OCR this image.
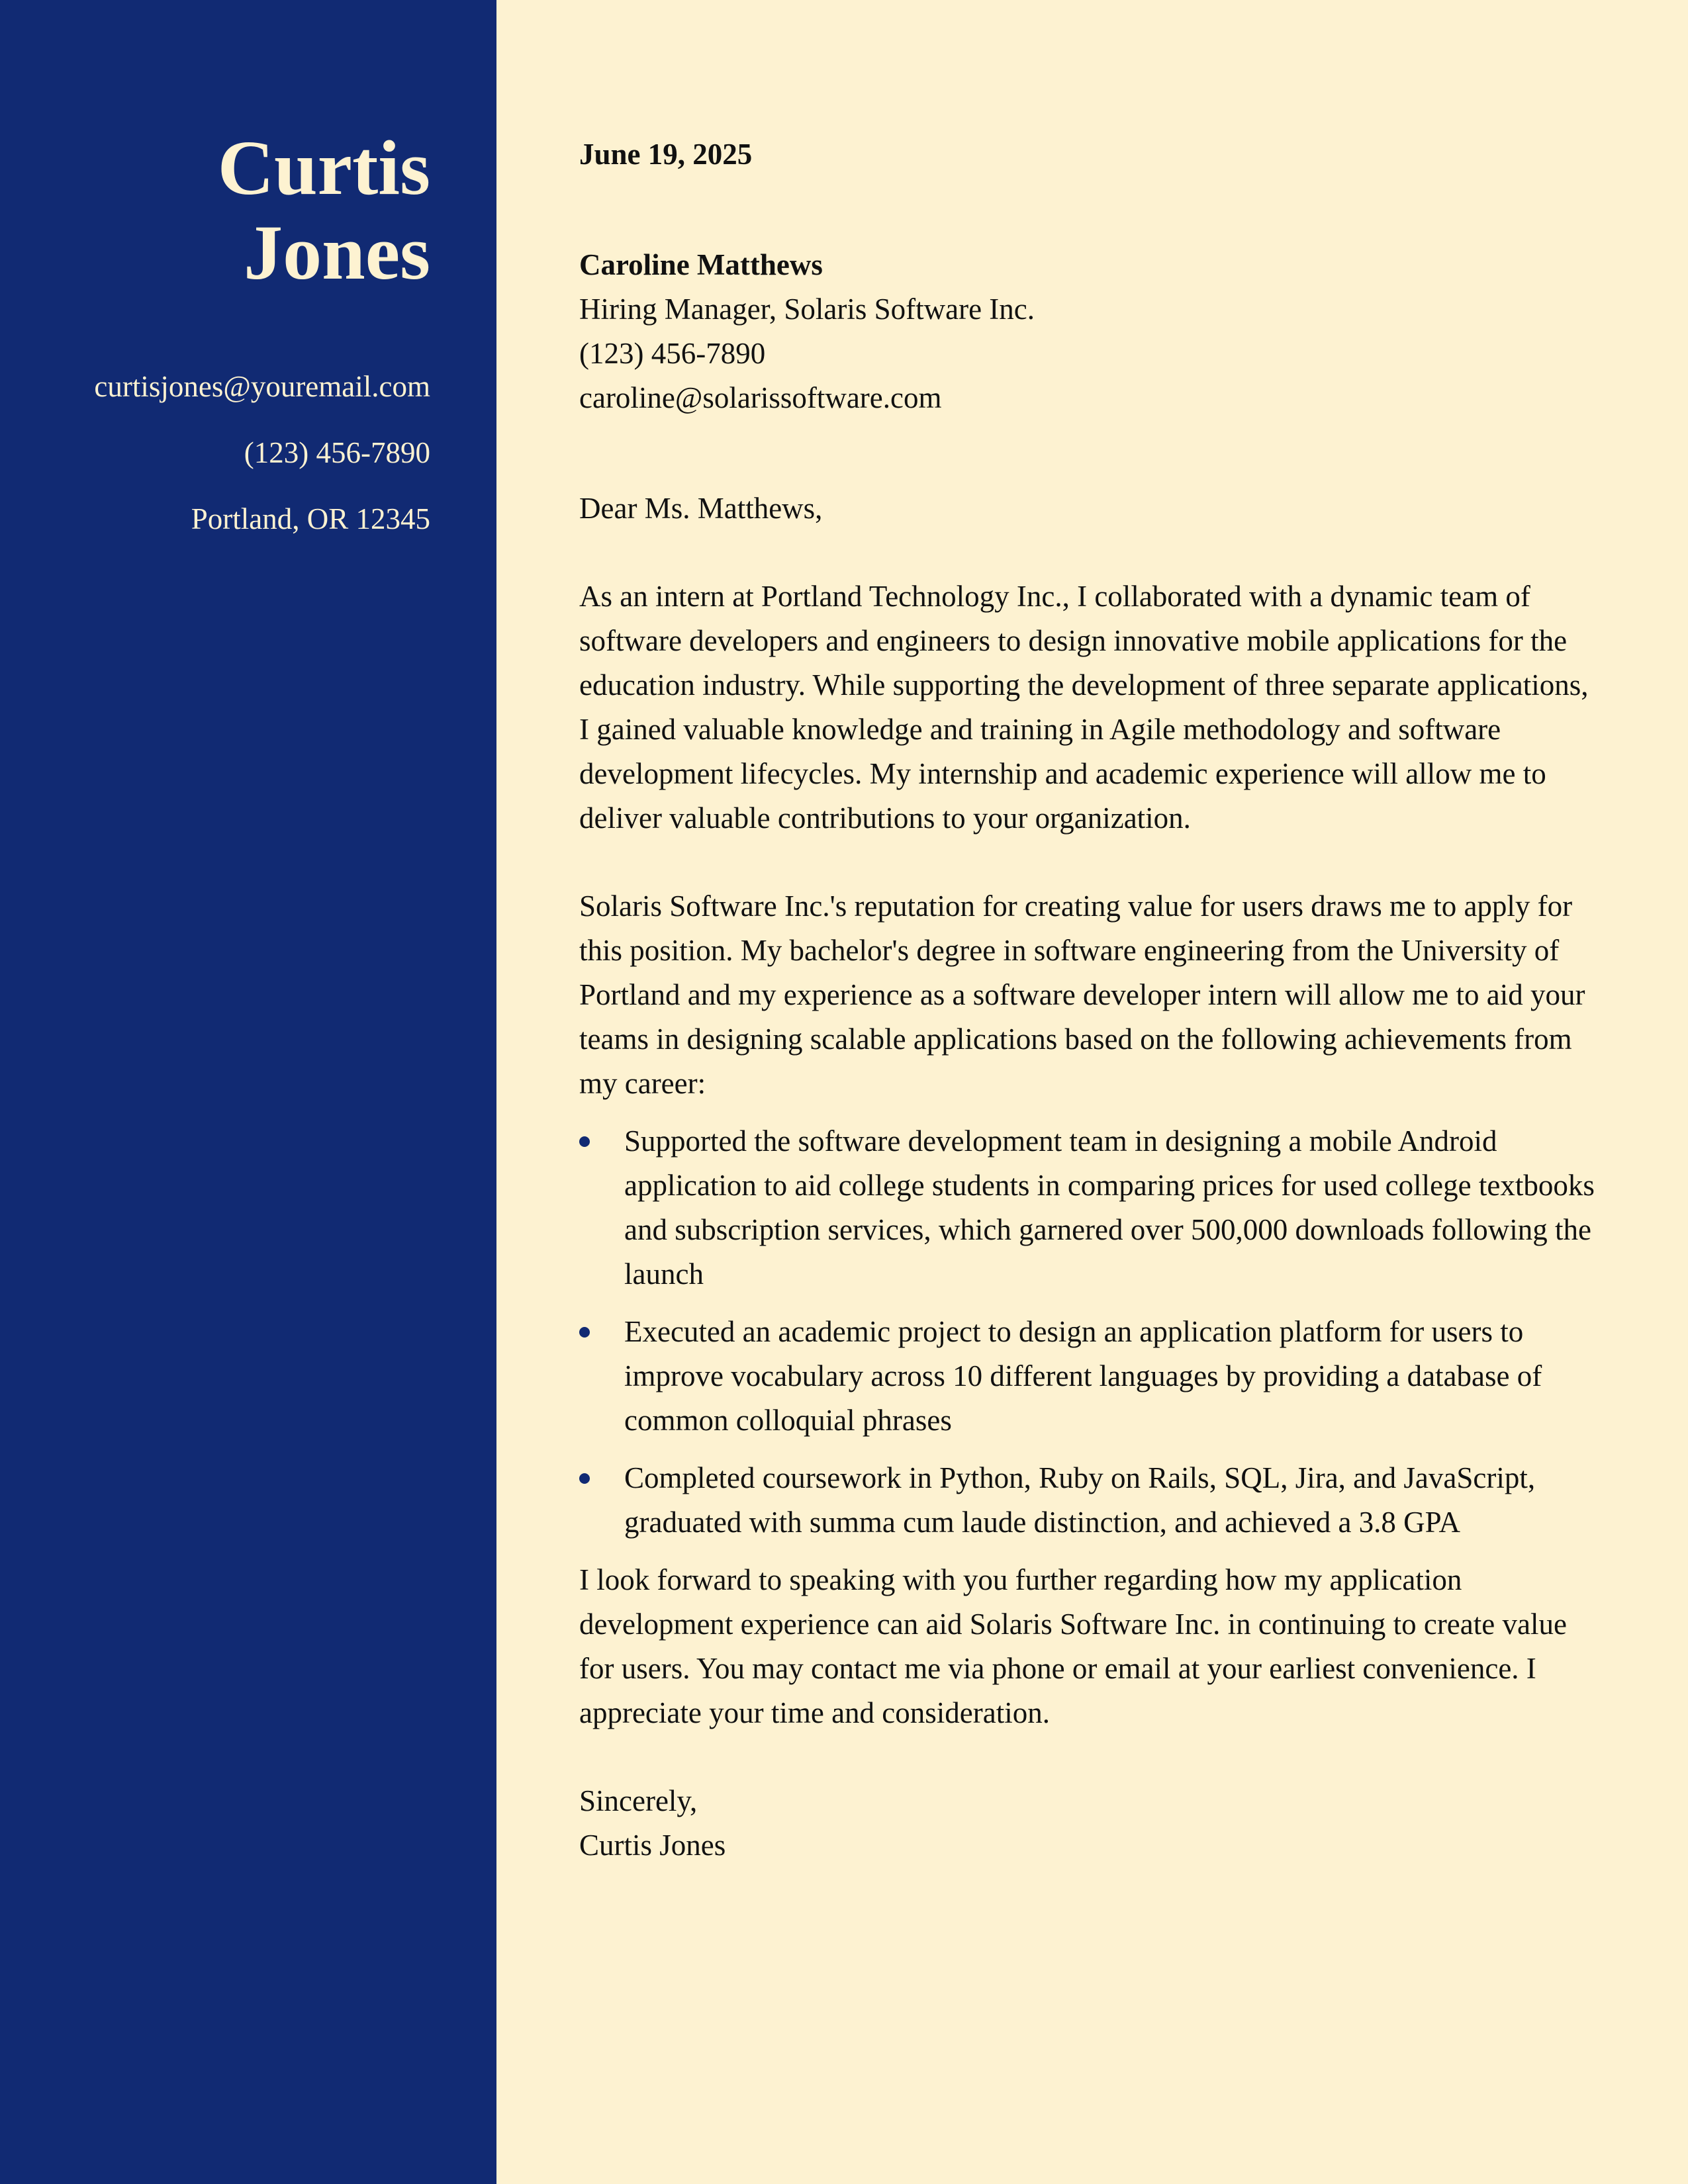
Curtis
Jones
curtisjones@youremail.com
(123) 456-7890
Portland, OR 12345

June 19, 2025

Caroline Matthews
Hiring Manager, Solaris Software Inc.
(123) 456-7890
caroline@solarissoftware.com
Dear Ms. Matthews,

As an intern at Portland Technology Inc., I collaborated with a dynamic team of software developers and engineers to design innovative mobile applications for the education industry. While supporting the development of three separate applications, I gained valuable knowledge and training in Agile methodology and software development lifecycles. My internship and academic experience will allow me to deliver valuable contributions to your organization.

Solaris Software Inc.'s reputation for creating value for users draws me to apply for this position. My bachelor's degree in software engineering from the University of Portland and my experience as a software developer intern will allow me to aid your teams in designing scalable applications based on the following achievements from my career:

Supported the software development team in designing a mobile Android application to aid college students in comparing prices for used college textbooks and subscription services, which garnered over 500,000 downloads following the launch
Executed an academic project to design an application platform for users to improve vocabulary across 10 different languages by providing a database of common colloquial phrases
Completed coursework in Python, Ruby on Rails, SQL, Jira, and JavaScript, graduated with summa cum laude distinction, and achieved a 3.8 GPA

I look forward to speaking with you further regarding how my application development experience can aid Solaris Software Inc. in continuing to create value for users. You may contact me via phone or email at your earliest convenience. I appreciate your time and consideration.

Sincerely,
Curtis Jones
